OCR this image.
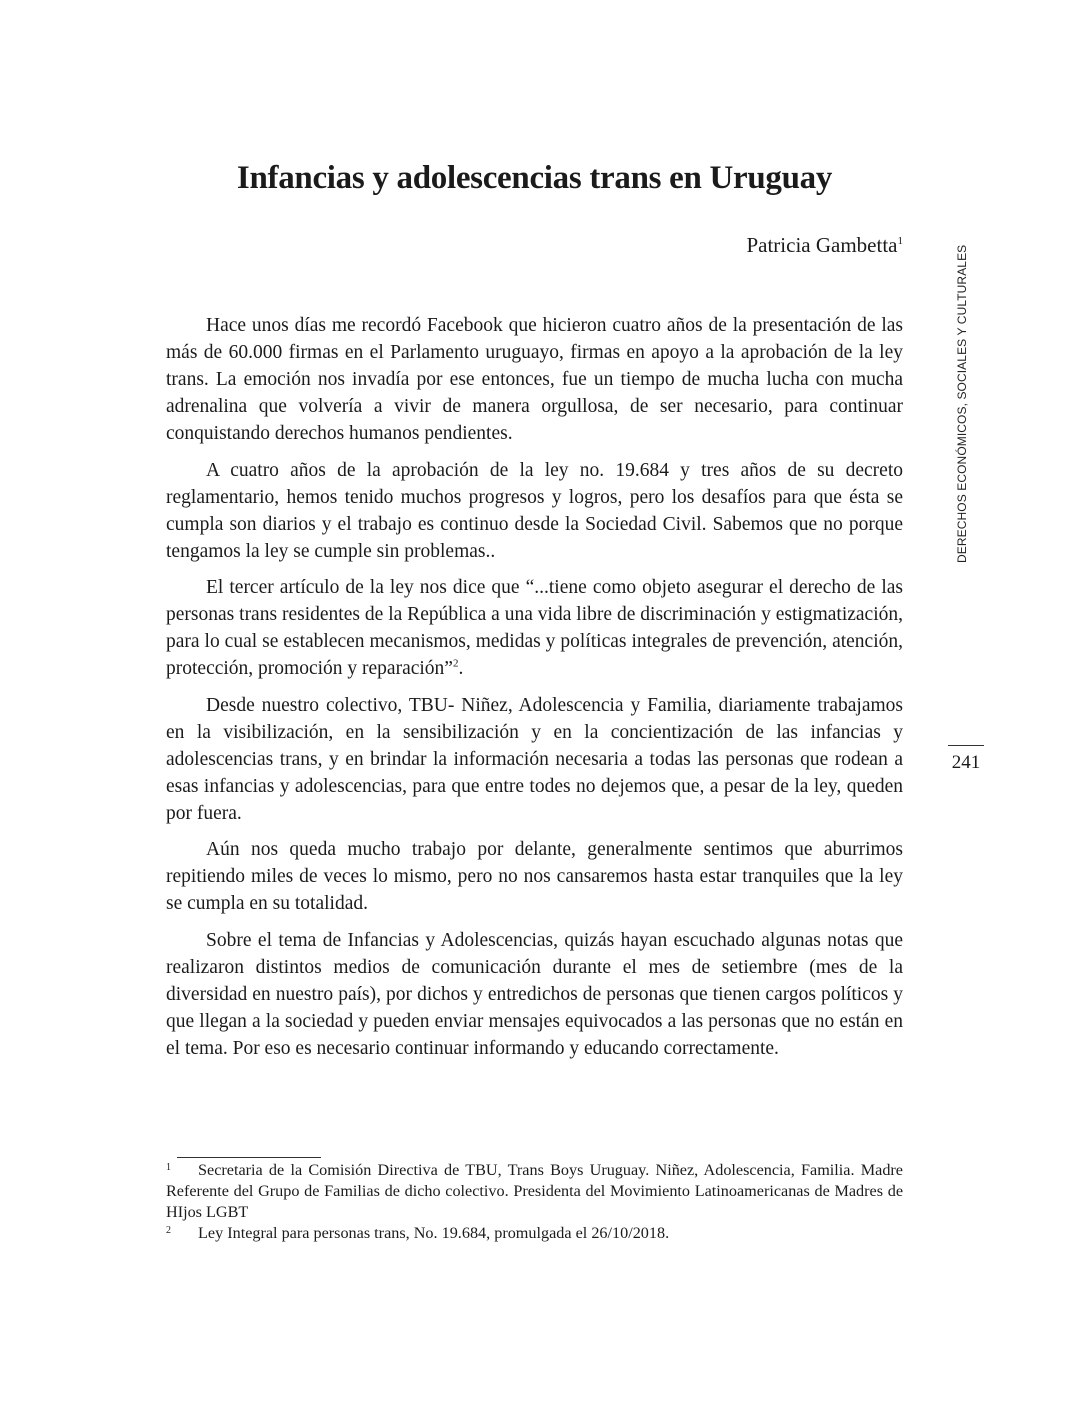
Infancias y adolescencias trans en Uruguay
Patricia Gambetta$^1$

Hace unos días me recordó Facebook que hicieron cuatro años de la presentación de las más de 60.000 firmas en el Parlamento uruguayo, firmas en apoyo a la aprobación de la ley trans. La emoción nos invadía por ese entonces, fue un tiempo de mucha lucha con mucha adrenalina que volvería a vivir de manera orgullosa, de ser necesario, para continuar conquistando derechos humanos pendientes.

A cuatro años de la aprobación de la ley no. 19.684 y tres años de su decreto reglamentario, hemos tenido muchos progresos y logros, pero los desafíos para que ésta se cumpla son diarios y el trabajo es continuo desde la Sociedad Civil. Sabemos que no porque tengamos la ley se cumple sin problemas..

El tercer artículo de la ley nos dice que “...tiene como objeto asegurar el derecho de las personas trans residentes de la República a una vida libre de discriminación y estigmatización, para lo cual se establecen mecanismos, medidas y políticas integrales de prevención, atención, protección, promoción y reparación”$^2$.

Desde nuestro colectivo, TBU- Niñez, Adolescencia y Familia, diariamente trabajamos en la visibilización, en la sensibilización y en la concientización de las infancias y adolescencias trans, y en brindar la información necesaria a todas las personas que rodean a esas infancias y adolescencias, para que entre todes no dejemos que, a pesar de la ley, queden por fuera.

Aún nos queda mucho trabajo por delante, generalmente sentimos que aburrimos repitiendo miles de veces lo mismo, pero no nos cansaremos hasta estar tranquiles que la ley se cumpla en su totalidad.

Sobre el tema de Infancias y Adolescencias, quizás hayan escuchado algunas notas que realizaron distintos medios de comunicación durante el mes de setiembre (mes de la diversidad en nuestro país), por dichos y entredichos de personas que tienen cargos políticos y que llegan a la sociedad y pueden enviar mensajes equivocados a las personas que no están en el tema. Por eso es necesario continuar informando y educando correctamente.

1 Secretaria de la Comisión Directiva de TBU, Trans Boys Uruguay. Niñez, Adolescencia, Familia. Madre Referente del Grupo de Familias de dicho colectivo. Presidenta del Movimiento Latinoamericanas de Madres de HIjos LGBT

2 Ley Integral para personas trans, No. 19.684, promulgada el 26/10/2018.

DERECHOS ECONÓMICOS, SOCIALES Y CULTURALES
241
